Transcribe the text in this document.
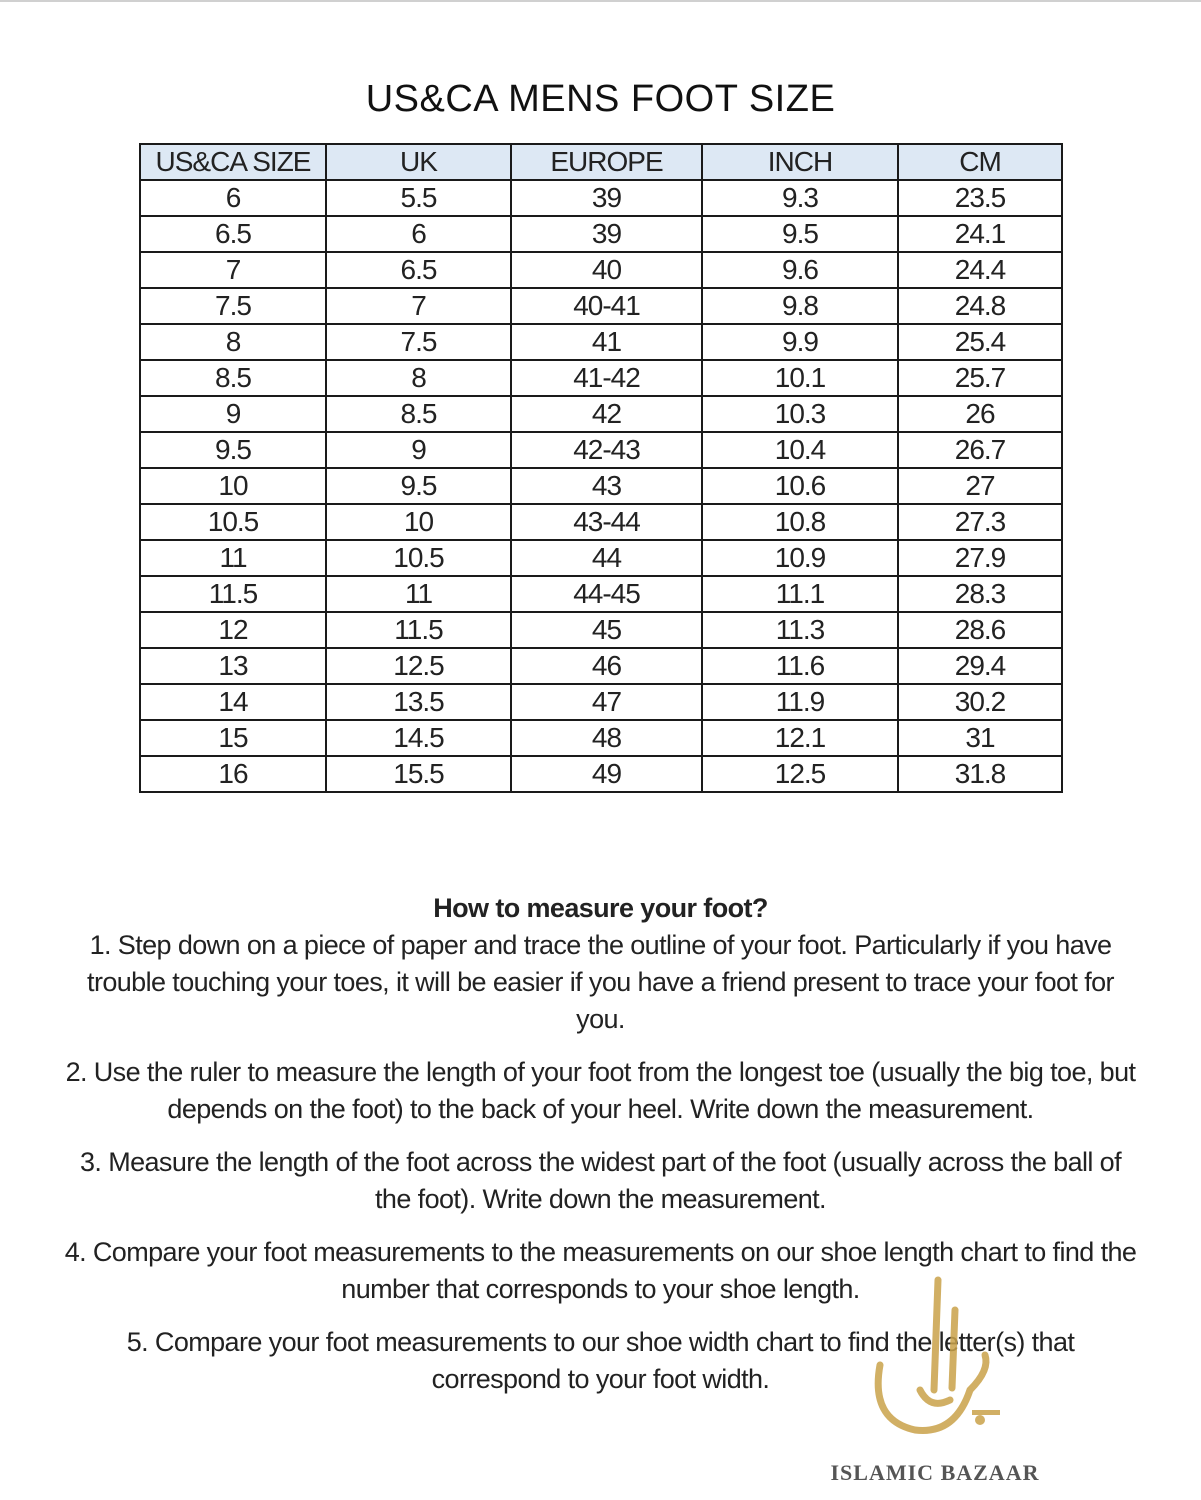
US&CA MENS FOOT SIZE
US&CA SIZE	UK	EUROPE	INCH	CM
6	5.5	39	9.3	23.5
6.5	6	39	9.5	24.1
7	6.5	40	9.6	24.4
7.5	7	40-41	9.8	24.8
8	7.5	41	9.9	25.4
8.5	8	41-42	10.1	25.7
9	8.5	42	10.3	26
9.5	9	42-43	10.4	26.7
10	9.5	43	10.6	27
10.5	10	43-44	10.8	27.3
11	10.5	44	10.9	27.9
11.5	11	44-45	11.1	28.3
12	11.5	45	11.3	28.6
13	12.5	46	11.6	29.4
14	13.5	47	11.9	30.2
15	14.5	48	12.1	31
16	15.5	49	12.5	31.8
How to measure your foot?

1. Step down on a piece of paper and trace the outline of your foot. Particularly if you have trouble touching your toes, it will be easier if you have a friend present to trace your foot for you.

2. Use the ruler to measure the length of your foot from the longest toe (usually the big toe, but depends on the foot) to the back of your heel. Write down the measurement.

3. Measure the length of the foot across the widest part of the foot (usually across the ball of the foot). Write down the measurement.

4. Compare your foot measurements to the measurements on our shoe length chart to find the number that corresponds to your shoe length.

5. Compare your foot measurements to our shoe width chart to find the letter(s) that correspond to your foot width.

ISLAMIC BAZAAR
